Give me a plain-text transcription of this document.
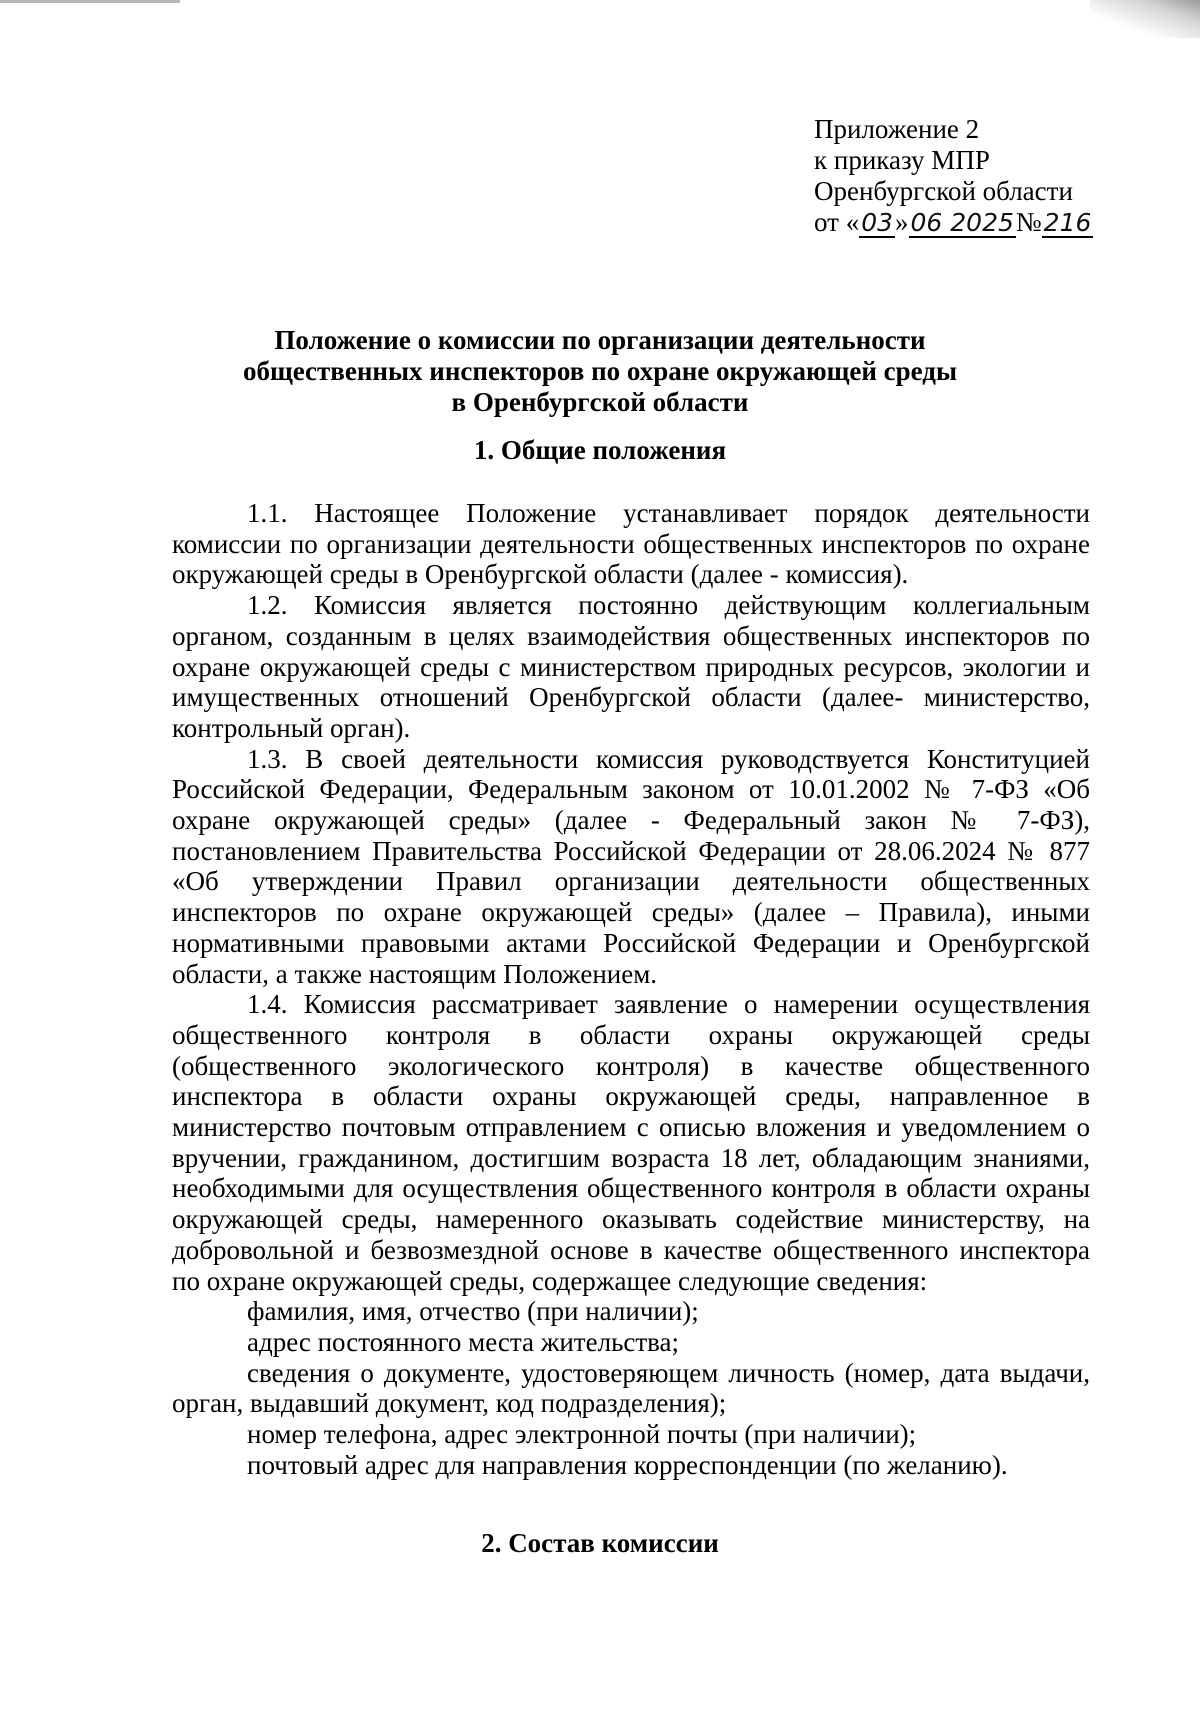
Приложение 2
к приказу МПР
Оренбургской области
от «03»06 2025№216
Положение о комиссии по организации деятельности
общественных инспекторов по охране окружающей среды
в Оренбургской области
1. Общие положения

1.1. Настоящее Положение устанавливает порядок деятельности комиссии по организации деятельности общественных инспекторов по охране окружающей среды в Оренбургской области (далее - комиссия).

1.2. Комиссия является постоянно действующим коллегиальным органом, созданным в целях взаимодействия общественных инспекторов по охране окружающей среды с министерством природных ресурсов, экологии и имущественных отношений Оренбургской области (далее- министерство, контрольный орган).

1.3. В своей деятельности комиссия руководствуется Конституцией Российской Федерации, Федеральным законом от 10.01.2002 № 7-ФЗ «Об охране окружающей среды» (далее - Федеральный закон № 7-ФЗ), постановлением Правительства Российской Федерации от 28.06.2024 № 877 «Об утверждении Правил организации деятельности общественных инспекторов по охране окружающей среды» (далее – Правила), иными нормативными правовыми актами Российской Федерации и Оренбургской области, а также настоящим Положением.

1.4. Комиссия рассматривает заявление о намерении осуществления общественного контроля в области охраны окружающей среды (общественного экологического контроля) в качестве общественного инспектора в области охраны окружающей среды, направленное в министерство почтовым отправлением с описью вложения и уведомлением о вручении, гражданином, достигшим возраста 18 лет, обладающим знаниями, необходимыми для осуществления общественного контроля в области охраны окружающей среды, намеренного оказывать содействие министерству, на добровольной и безвозмездной основе в качестве общественного инспектора по охране окружающей среды, содержащее следующие сведения:

фамилия, имя, отчество (при наличии);

адрес постоянного места жительства;

сведения о документе, удостоверяющем личность (номер, дата выдачи, орган, выдавший документ, код подразделения);

номер телефона, адрес электронной почты (при наличии);

почтовый адрес для направления корреспонденции (по желанию).

2. Состав комиссии
